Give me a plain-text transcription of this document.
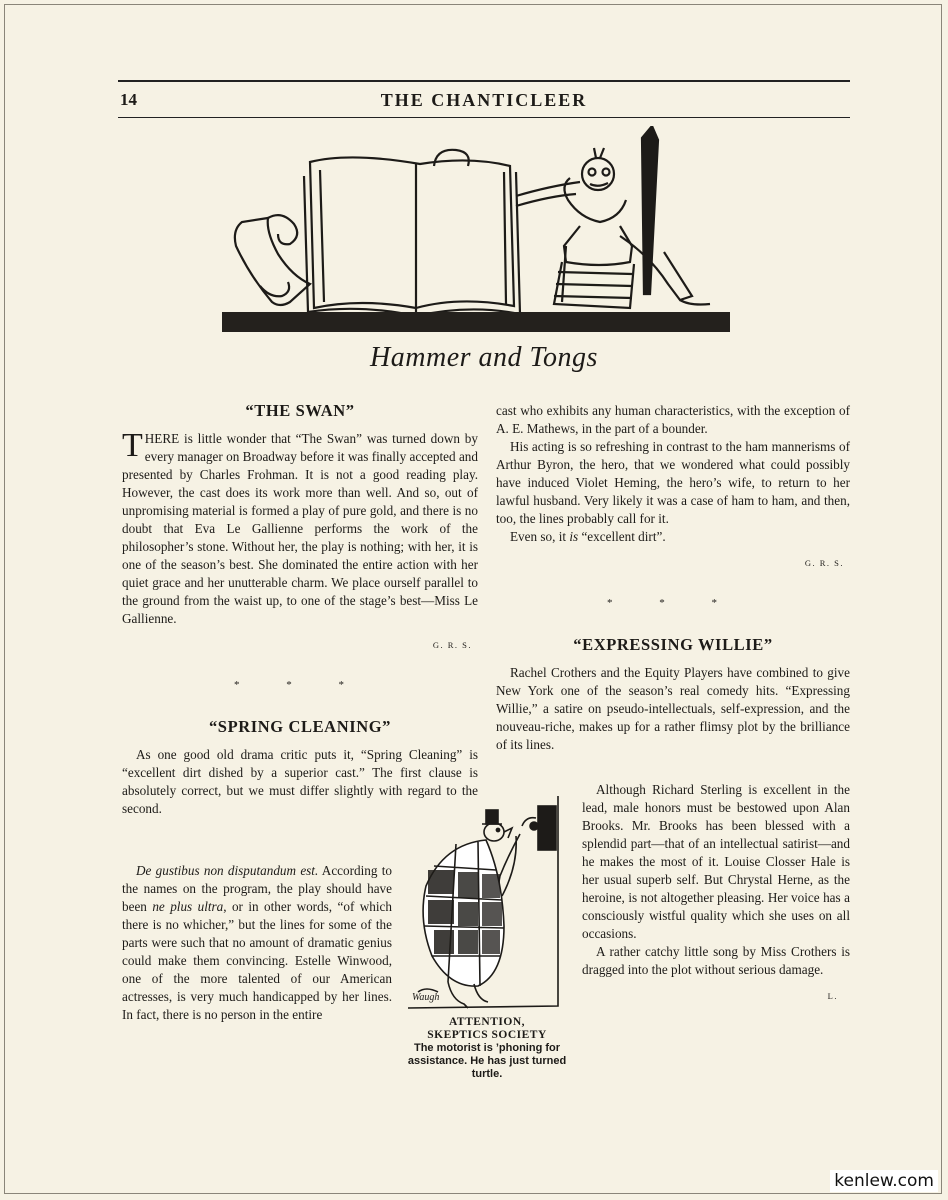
14	THE CHANTICLEER
Hammer and Tongs
“THE SWAN”

THERE is little wonder that “The Swan” was turned down by every manager on Broadway before it was finally accepted and presented by Charles Frohman. It is not a good reading play. However, the cast does its work more than well. And so, out of unpromising material is formed a play of pure gold, and there is no doubt that Eva Le Gallienne performs the work of the philosopher’s stone. Without her, the play is nothing; with her, it is one of the season’s best. She dominated the entire action with her quiet grace and her unutterable charm. We place ourself parallel to the ground from the waist up, to one of the stage’s best—Miss Le Gallienne.

G. R. S.
* * *
“SPRING CLEANING”

As one good old drama critic puts it, “Spring Cleaning” is “excellent dirt dished by a superior cast.” The first clause is absolutely correct, but we must differ slightly with regard to the second.

De gustibus non disputandum est. According to the names on the program, the play should have been ne plus ultra, or in other words, “of which there is no whicher,” but the lines for some of the parts were such that no amount of dramatic genius could make them convincing. Estelle Winwood, one of the more talented of our American actresses, is very much handicapped by her lines. In fact, there is no person in the entire

cast who exhibits any human characteristics, with the exception of A. E. Mathews, in the part of a bounder.

His acting is so refreshing in contrast to the ham mannerisms of Arthur Byron, the hero, that we wondered what could possibly have induced Violet Heming, the hero’s wife, to return to her lawful husband. Very likely it was a case of ham to ham, and then, too, the lines probably call for it.

Even so, it is “excellent dirt”.

G. R. S.
* * *
“EXPRESSING WILLIE”

Rachel Crothers and the Equity Players have combined to give New York one of the season’s real comedy hits. “Expressing Willie,” a satire on pseudo-intellectuals, self-expression, and the nouveau-riche, makes up for a rather flimsy plot by the brilliance of its lines.

Although Richard Sterling is excellent in the lead, male honors must be bestowed upon Alan Brooks. Mr. Brooks has been blessed with a splendid part—that of an intellectual satirist—and he makes the most of it. Louise Closser Hale is her usual superb self. But Chrystal Herne, as the heroine, is not altogether pleasing. Her voice has a consciously wistful quality which she uses on all occasions.

A rather catchy little song by Miss Crothers is dragged into the plot without serious damage.

L.
Waugh
ATTENTION,
SKEPTICS SOCIETY
The motorist is ’phoning for assistance. He has just turned turtle.
kenlew.com
